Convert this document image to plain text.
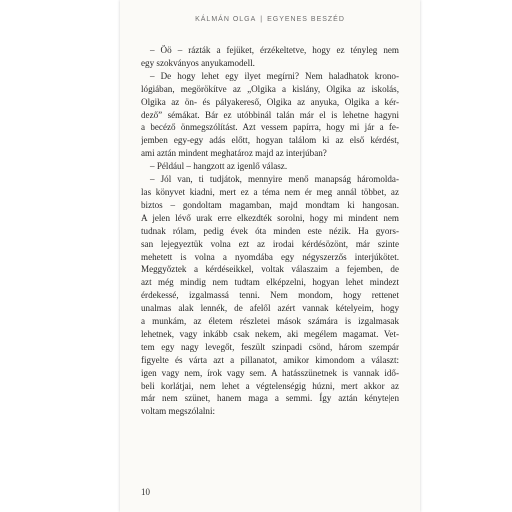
KÁLMÁN OLGA | EGYENES BESZÉD

– Öö – rázták a fejüket, érzékeltetve, hogy ez tényleg nem
egy szokványos anyukamodell.

– De hogy lehet egy ilyet megírni? Nem haladhatok krono-
lógiában, megörökítve az „Olgika a kislány, Olgika az iskolás,
Olgika az ön- és pályakereső, Olgika az anyuka, Olgika a kér-
dező” sémákat. Bár ez utóbbinál talán már el is lehetne hagyni
a becéző önmegszólítást. Azt vessem papírra, hogy mi jár a fe-
jemben egy-egy adás előtt, hogyan találom ki az első kérdést,
ami aztán mindent meghatároz majd az interjúban?

– Például – hangzott az igenlő válasz.

– Jól van, ti tudjátok, mennyire menő manapság háromolda-
las könyvet kiadni, mert ez a téma nem ér meg annál többet, az
biztos – gondoltam magamban, majd mondtam ki hangosan.
A jelen lévő urak erre elkezdték sorolni, hogy mi mindent nem
tudnak rólam, pedig évek óta minden este nézik. Ha gyors-
san lejegyeztük volna ezt az irodai kérdésözönt, már szinte
mehetett is volna a nyomdába egy négyszerzős interjúkötet.
Meggyőztek a kérdéseikkel, voltak válaszaim a fejemben, de
azt még mindig nem tudtam elképzelni, hogyan lehet mindezt
érdekessé, izgalmassá tenni. Nem mondom, hogy rettenet
unalmas alak lennék, de afelől azért vannak kételyeim, hogy
a munkám, az életem részletei mások számára is izgalmasak
lehetnek, vagy inkább csak nekem, aki megélem magamat. Vet-
tem egy nagy levegőt, feszült szinpadi csönd, három szempár
figyelte és várta azt a pillanatot, amikor kimondom a választ:
igen vagy nem, írok vagy sem. A hatásszünetnek is vannak idő-
beli korlátjai, nem lehet a végtelenségig húzni, mert akkor az
már nem szünet, hanem maga a semmi. Így aztán kényte|en
voltam megszólalni:

10
